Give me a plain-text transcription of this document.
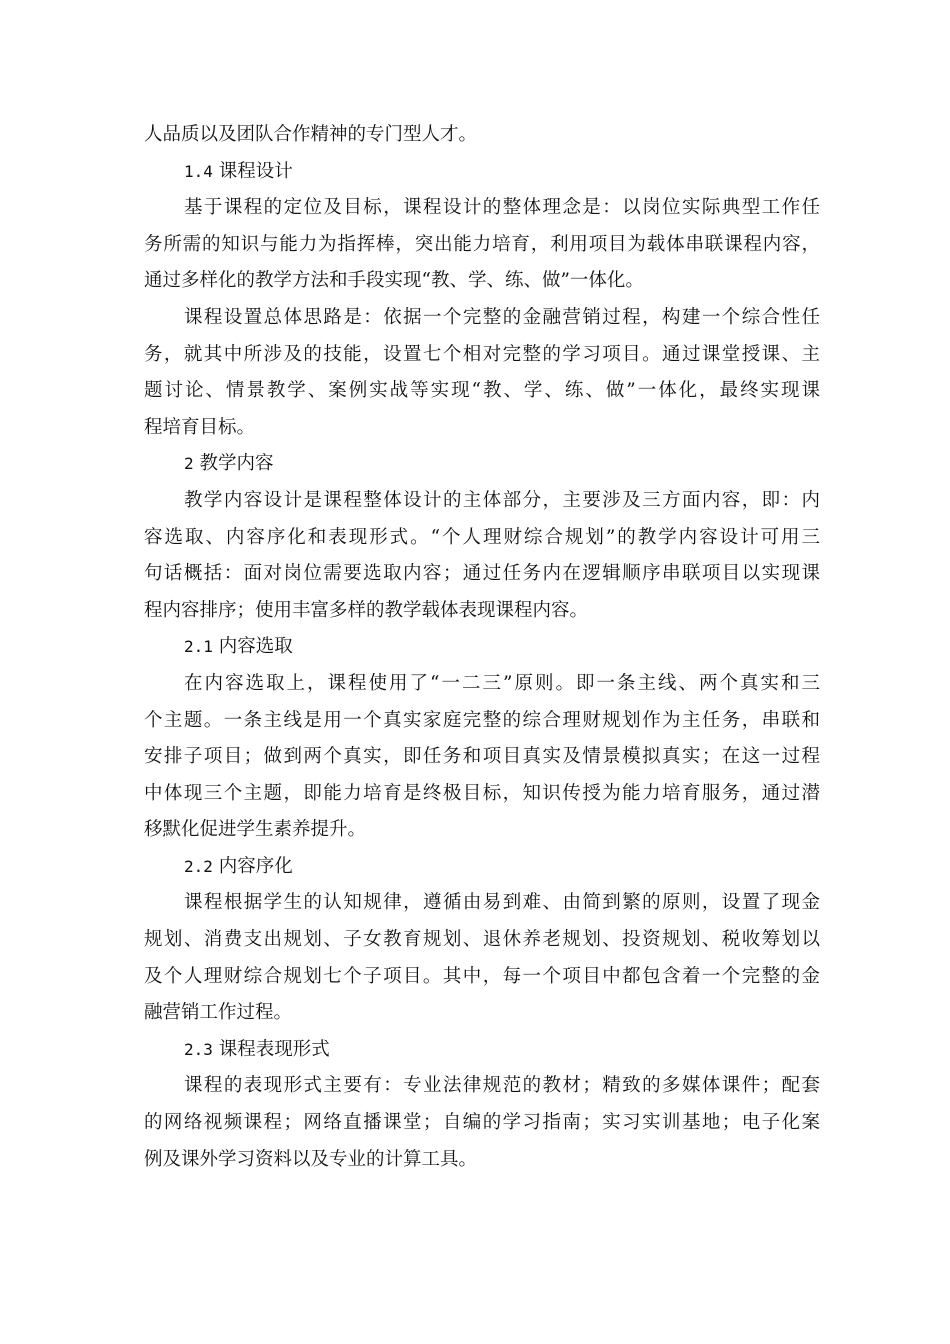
人品质以及团队合作精神的专门型人才。
1.4 课程设计
基于课程的定位及目标，课程设计的整体理念是：以岗位实际典型工作任
务所需的知识与能力为指挥棒，突出能力培育，利用项目为载体串联课程内容，
通过多样化的教学方法和手段实现“教、学、练、做”一体化。
课程设置总体思路是：依据一个完整的金融营销过程，构建一个综合性任
务，就其中所涉及的技能，设置七个相对完整的学习项目。通过课堂授课、主
题讨论、情景教学、案例实战等实现“教、学、练、做”一体化，最终实现课
程培育目标。
2 教学内容
教学内容设计是课程整体设计的主体部分，主要涉及三方面内容，即：内
容选取、内容序化和表现形式。“个人理财综合规划”的教学内容设计可用三
句话概括：面对岗位需要选取内容；通过任务内在逻辑顺序串联项目以实现课
程内容排序；使用丰富多样的教学载体表现课程内容。
2.1 内容选取
在内容选取上，课程使用了“一二三”原则。即一条主线、两个真实和三
个主题。一条主线是用一个真实家庭完整的综合理财规划作为主任务，串联和
安排子项目；做到两个真实，即任务和项目真实及情景模拟真实；在这一过程
中体现三个主题，即能力培育是终极目标，知识传授为能力培育服务，通过潜
移默化促进学生素养提升。
2.2 内容序化
课程根据学生的认知规律，遵循由易到难、由简到繁的原则，设置了现金
规划、消费支出规划、子女教育规划、退休养老规划、投资规划、税收筹划以
及个人理财综合规划七个子项目。其中，每一个项目中都包含着一个完整的金
融营销工作过程。
2.3 课程表现形式
课程的表现形式主要有：专业法律规范的教材；精致的多媒体课件；配套
的网络视频课程；网络直播课堂；自编的学习指南；实习实训基地；电子化案
例及课外学习资料以及专业的计算工具。
